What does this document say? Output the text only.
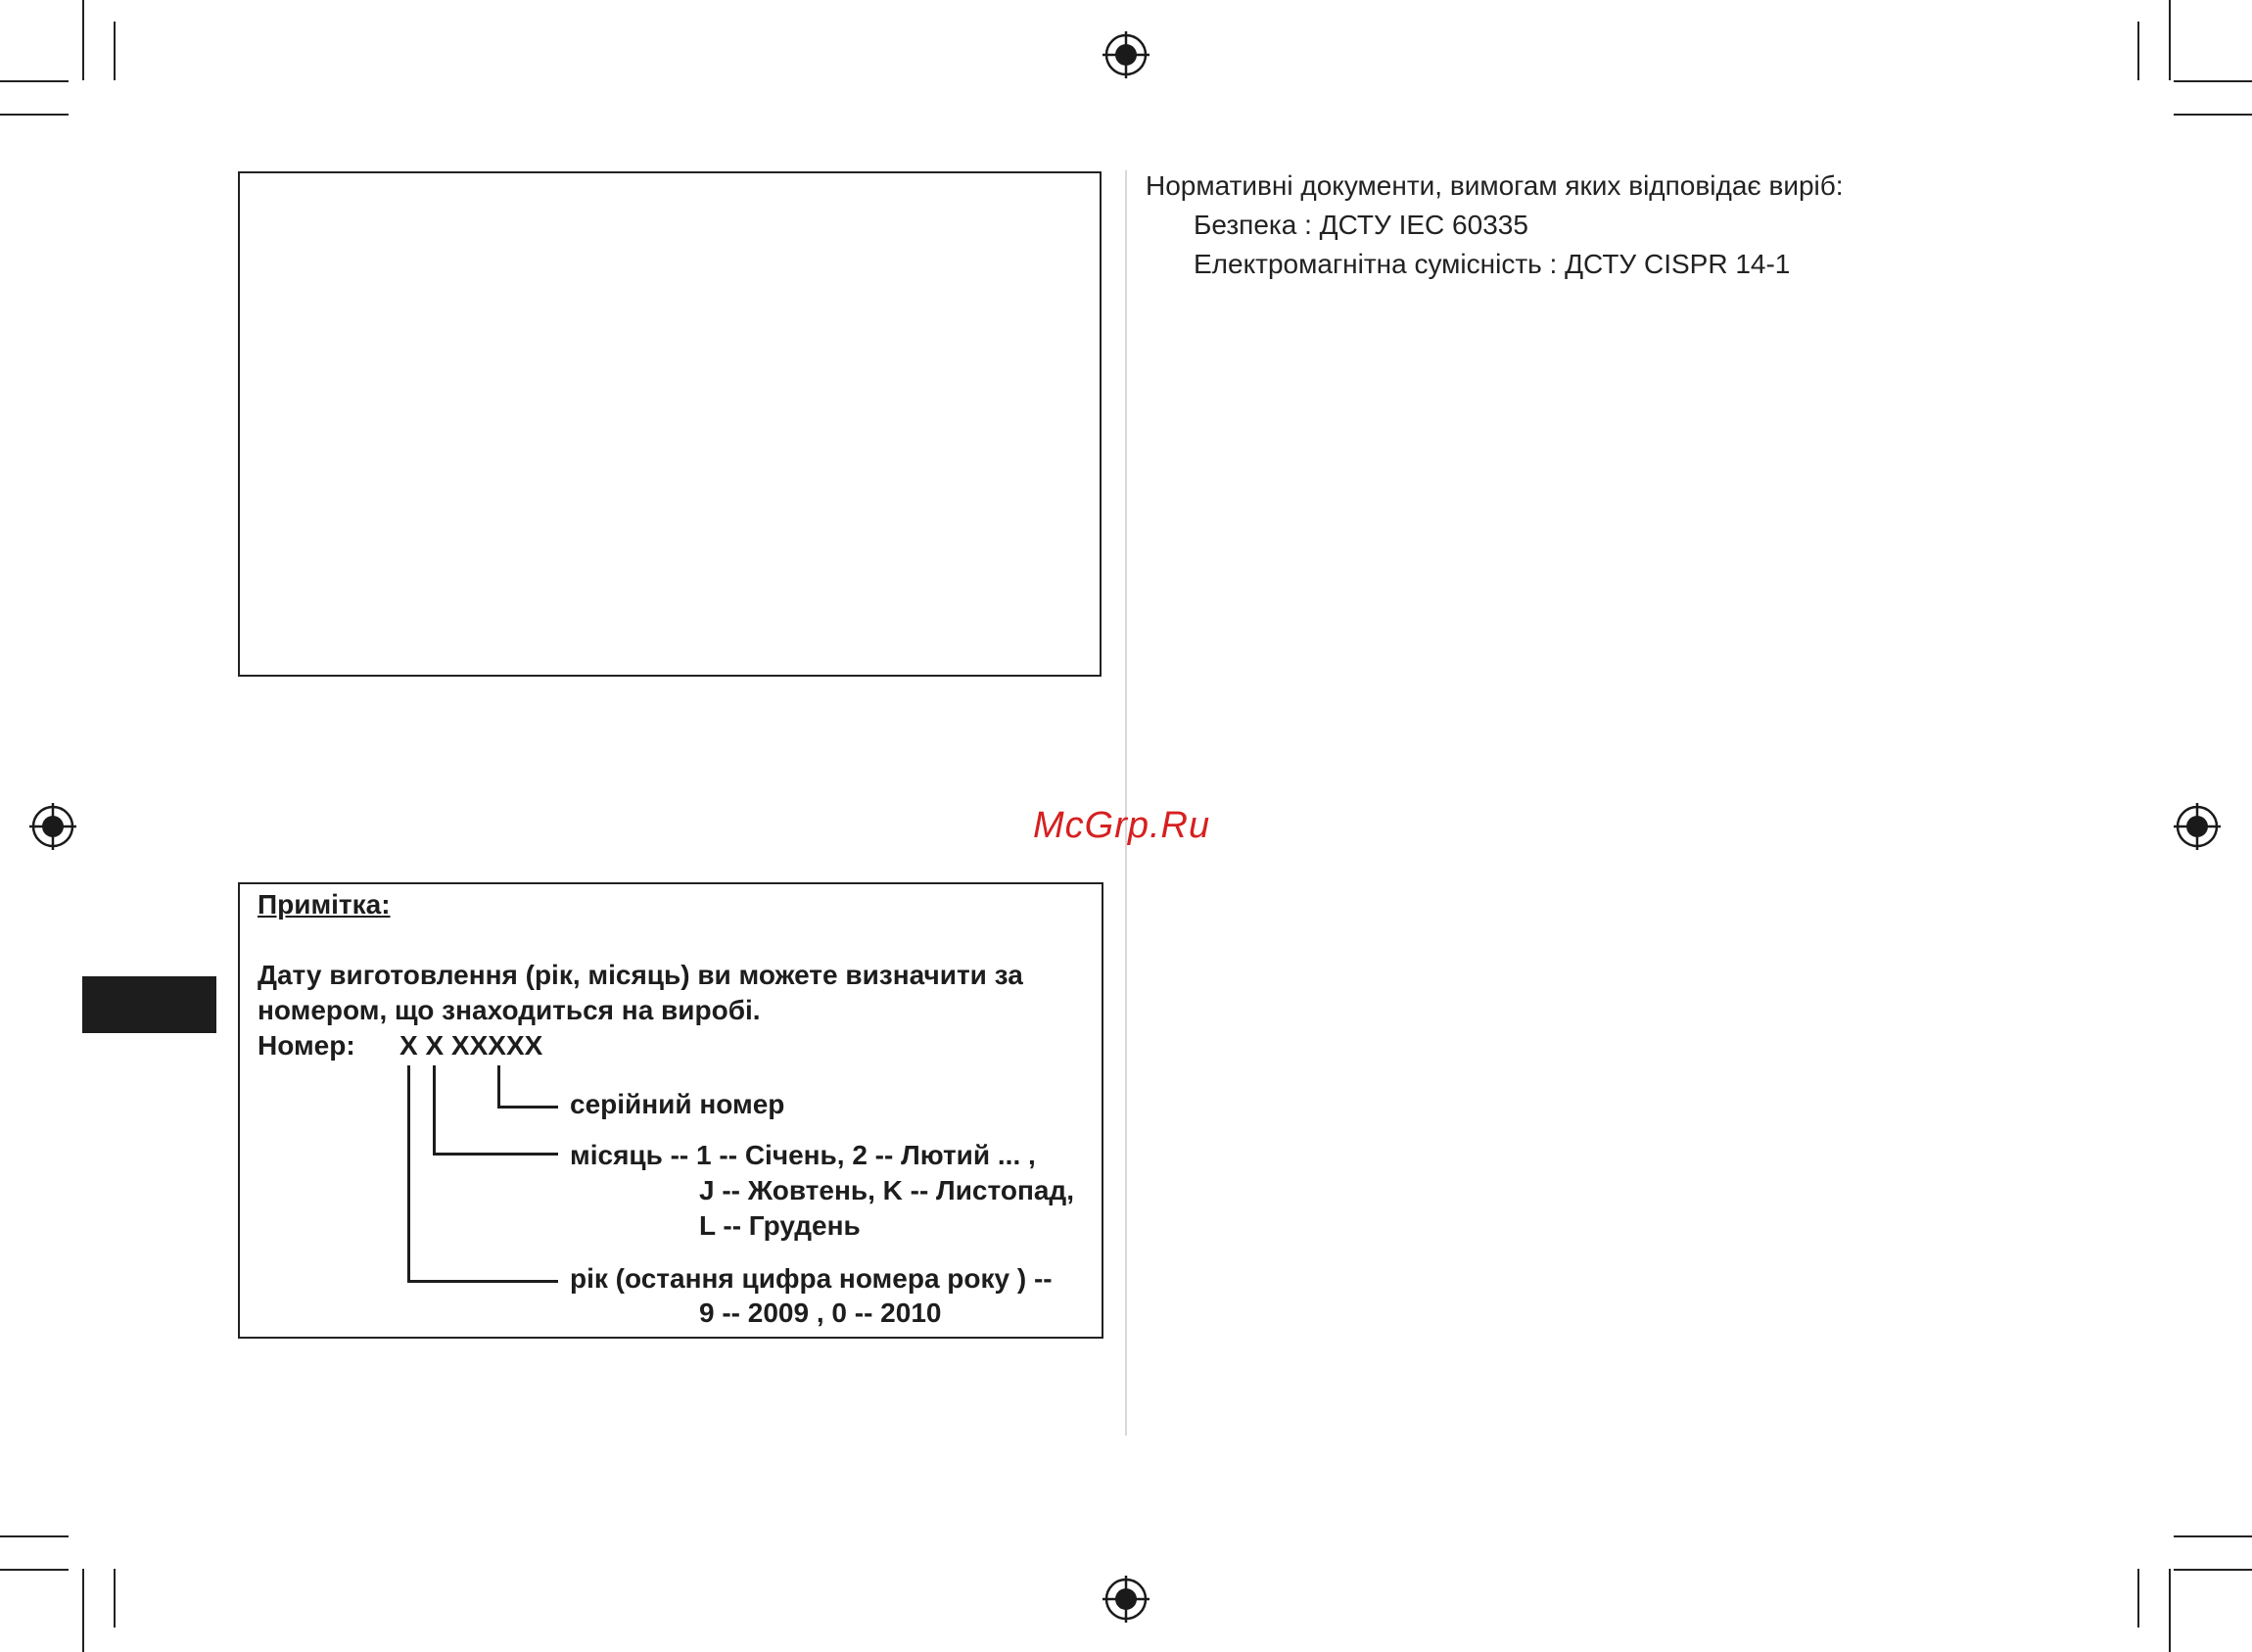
McGrp.Ru
Нормативні документи, вимогам яких відповідає виріб:
Безпека : ДСТУ IEC 60335
Електромагнітна сумісність : ДСТУ CISPR 14-1
Примітка:
Дату виготовлення (рік, місяць) ви можете визначити за
номером, що знаходиться на виробі.
Номер: X X XXXXX
серійний номер
місяць -- 1 -- Січень, 2 -- Лютий ... ,
J -- Жовтень, K -- Листопад,
L -- Грудень
рік (остання цифра номера року ) --
9 -- 2009 , 0 -- 2010
